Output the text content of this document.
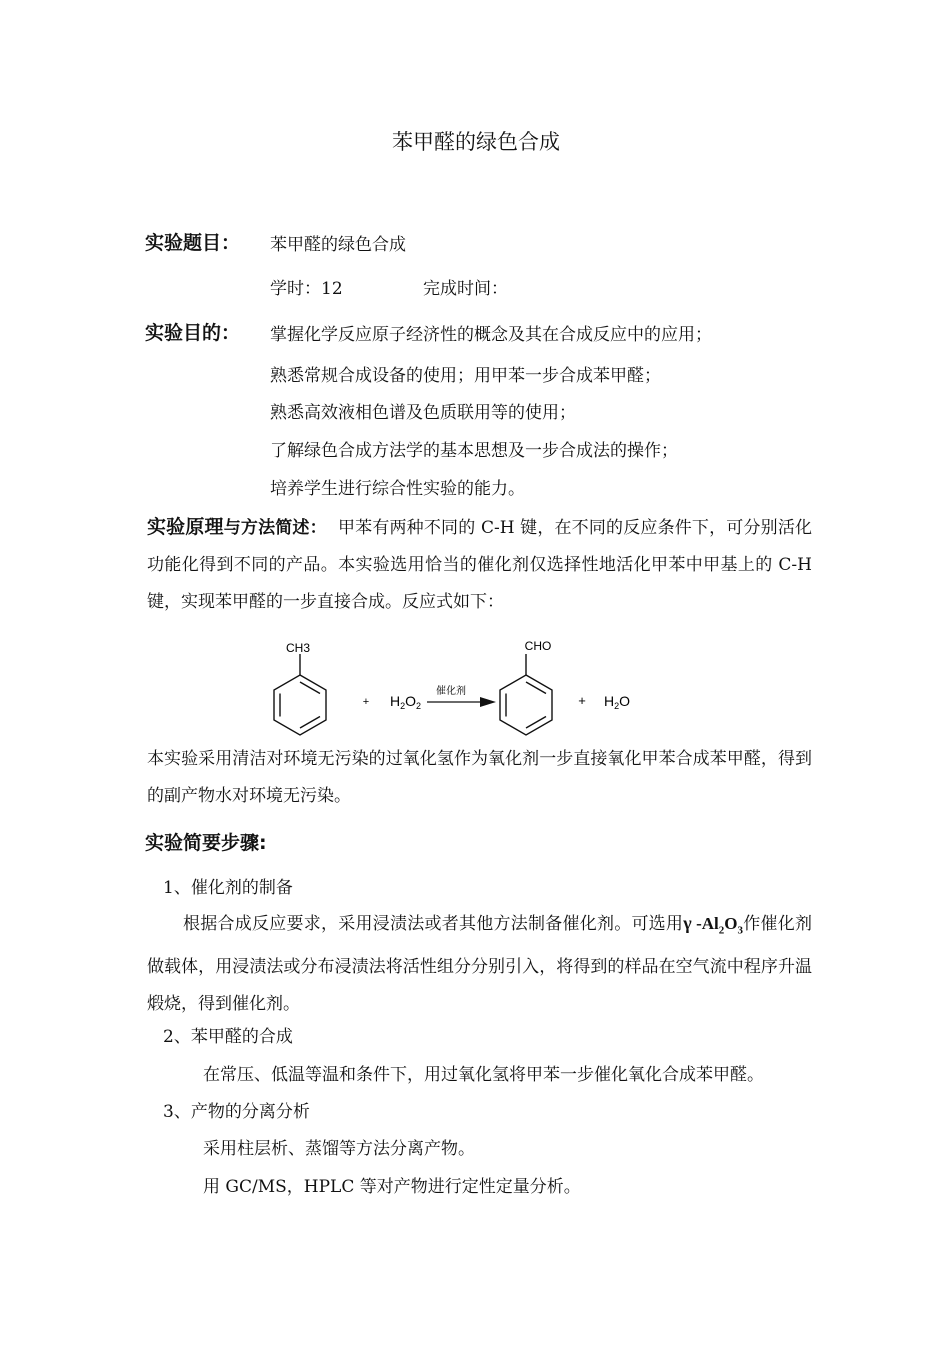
苯甲醛的绿色合成
实验题目： 苯甲醛的绿色合成
学时：12	完成时间：
实验目的： 掌握化学反应原子经济性的概念及其在合成反应中的应用；
熟悉常规合成设备的使用；用甲苯一步合成苯甲醛；
熟悉高效液相色谱及色质联用等的使用；
了解绿色合成方法学的基本思想及一步合成法的操作；
培养学生进行综合性实验的能力。
实验原理与方法简述： 甲苯有两种不同的 C-H 键，在不同的反应条件下，可分别活化功能化得到不同的产品。本实验选用恰当的催化剂仅选择性地活化甲苯中甲基上的 C-H 键，实现苯甲醛的一步直接合成。反应式如下：
CH3
+ $H_2O_2$
催化剂
CHO
+ $H_2O$
本实验采用清洁对环境无污染的过氧化氢作为氧化剂一步直接氧化甲苯合成苯甲醛，得到的副产物水对环境无污染。
实验简要步骤:
1、催化剂的制备
根据合成反应要求，采用浸渍法或者其他方法制备催化剂。可选用γ $-Al_2O_3$作催化剂做载体，用浸渍法或分布浸渍法将活性组分分别引入，将得到的样品在空气流中程序升温煅烧，得到催化剂。
2、苯甲醛的合成
在常压、低温等温和条件下，用过氧化氢将甲苯一步催化氧化合成苯甲醛。
3、产物的分离分析
采用柱层析、蒸馏等方法分离产物。
用 GC/MS，HPLC 等对产物进行定性定量分析。
